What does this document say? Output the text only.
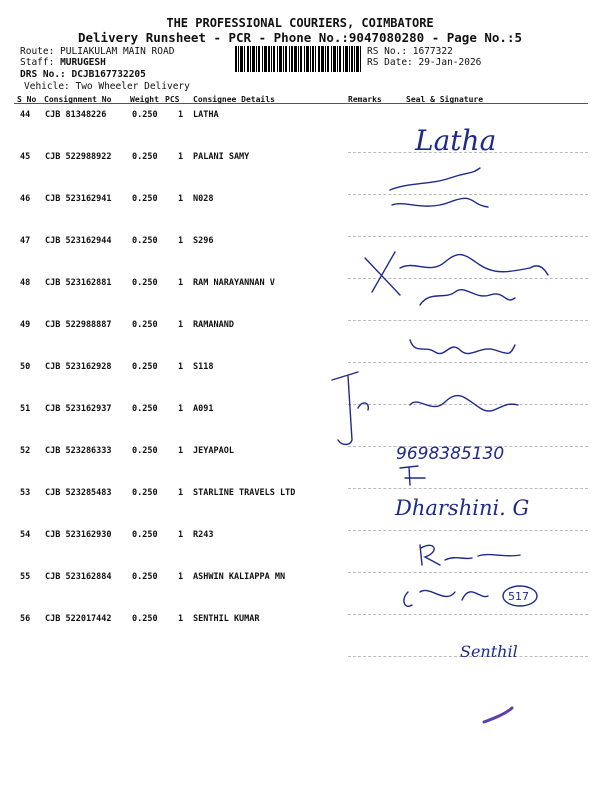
THE PROFESSIONAL COURIERS, COIMBATORE
Delivery Runsheet - PCR - Phone No.:9047080280 - Page No.:5
Route: PULIAKULAM MAIN ROAD
Staff: MURUGESH
DRS No.: DCJB167732205
Vehicle: Two Wheeler Delivery
RS No.: 1677322
RS Date: 29-Jan-2026
S No Consignment No Weight PCS Consignee Details	Remarks	Seal & Signature
44 CJB 81348226	0.250 1 LATHA
45 CJB 522988922 0.250 1 PALANI SAMY
46 CJB 523162941 0.250 1 N028
47 CJB 523162944 0.250 1 S296
48 CJB 523162881 0.250 1 RAM NARAYANNAN V
49 CJB 522988887 0.250 1 RAMANAND
50 CJB 523162928 0.250 1 S118
51 CJB 523162937 0.250 1 A091
52 CJB 523286333 0.250 1 JEYAPAOL
53 CJB 523285483 0.250 1 STARLINE TRAVELS LTD
54 CJB 523162930 0.250 1 R243
55 CJB 523162884 0.250 1 ASHWIN KALIAPPA MN
56 CJB 522017442 0.250 1 SENTHIL KUMAR
Latha
9698385130
Dharshini. G
517
Senthil
